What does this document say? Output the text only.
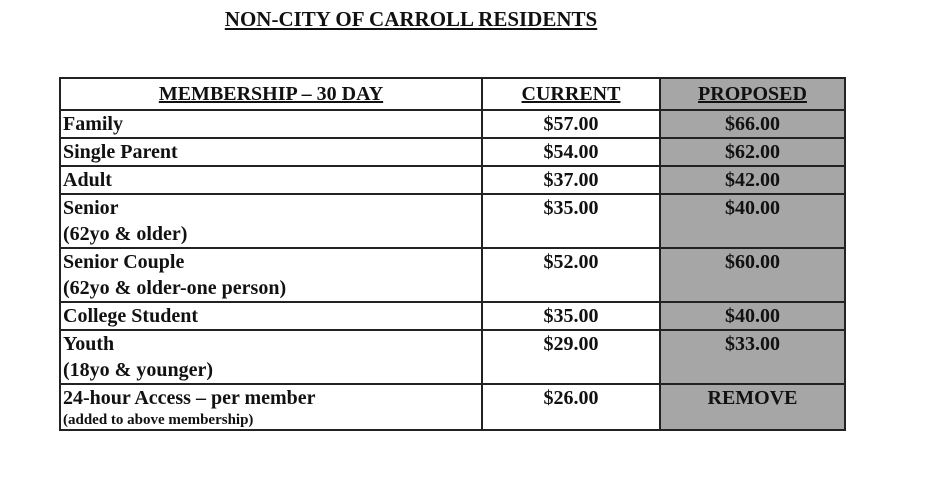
NON-CITY OF CARROLL RESIDENTS
MEMBERSHIP – 30 DAY	CURRENT	PROPOSED
Family	$57.00	$66.00
Single Parent	$54.00	$62.00
Adult	$37.00	$42.00

Senior
(62yo & older)	$35.00	$40.00

Senior Couple
(62yo & older-one person)	$52.00	$60.00
College Student	$35.00	$40.00

Youth
(18yo & younger)	$29.00	$33.00

24-hour Access – per member
(added to above membership)	$26.00	REMOVE
